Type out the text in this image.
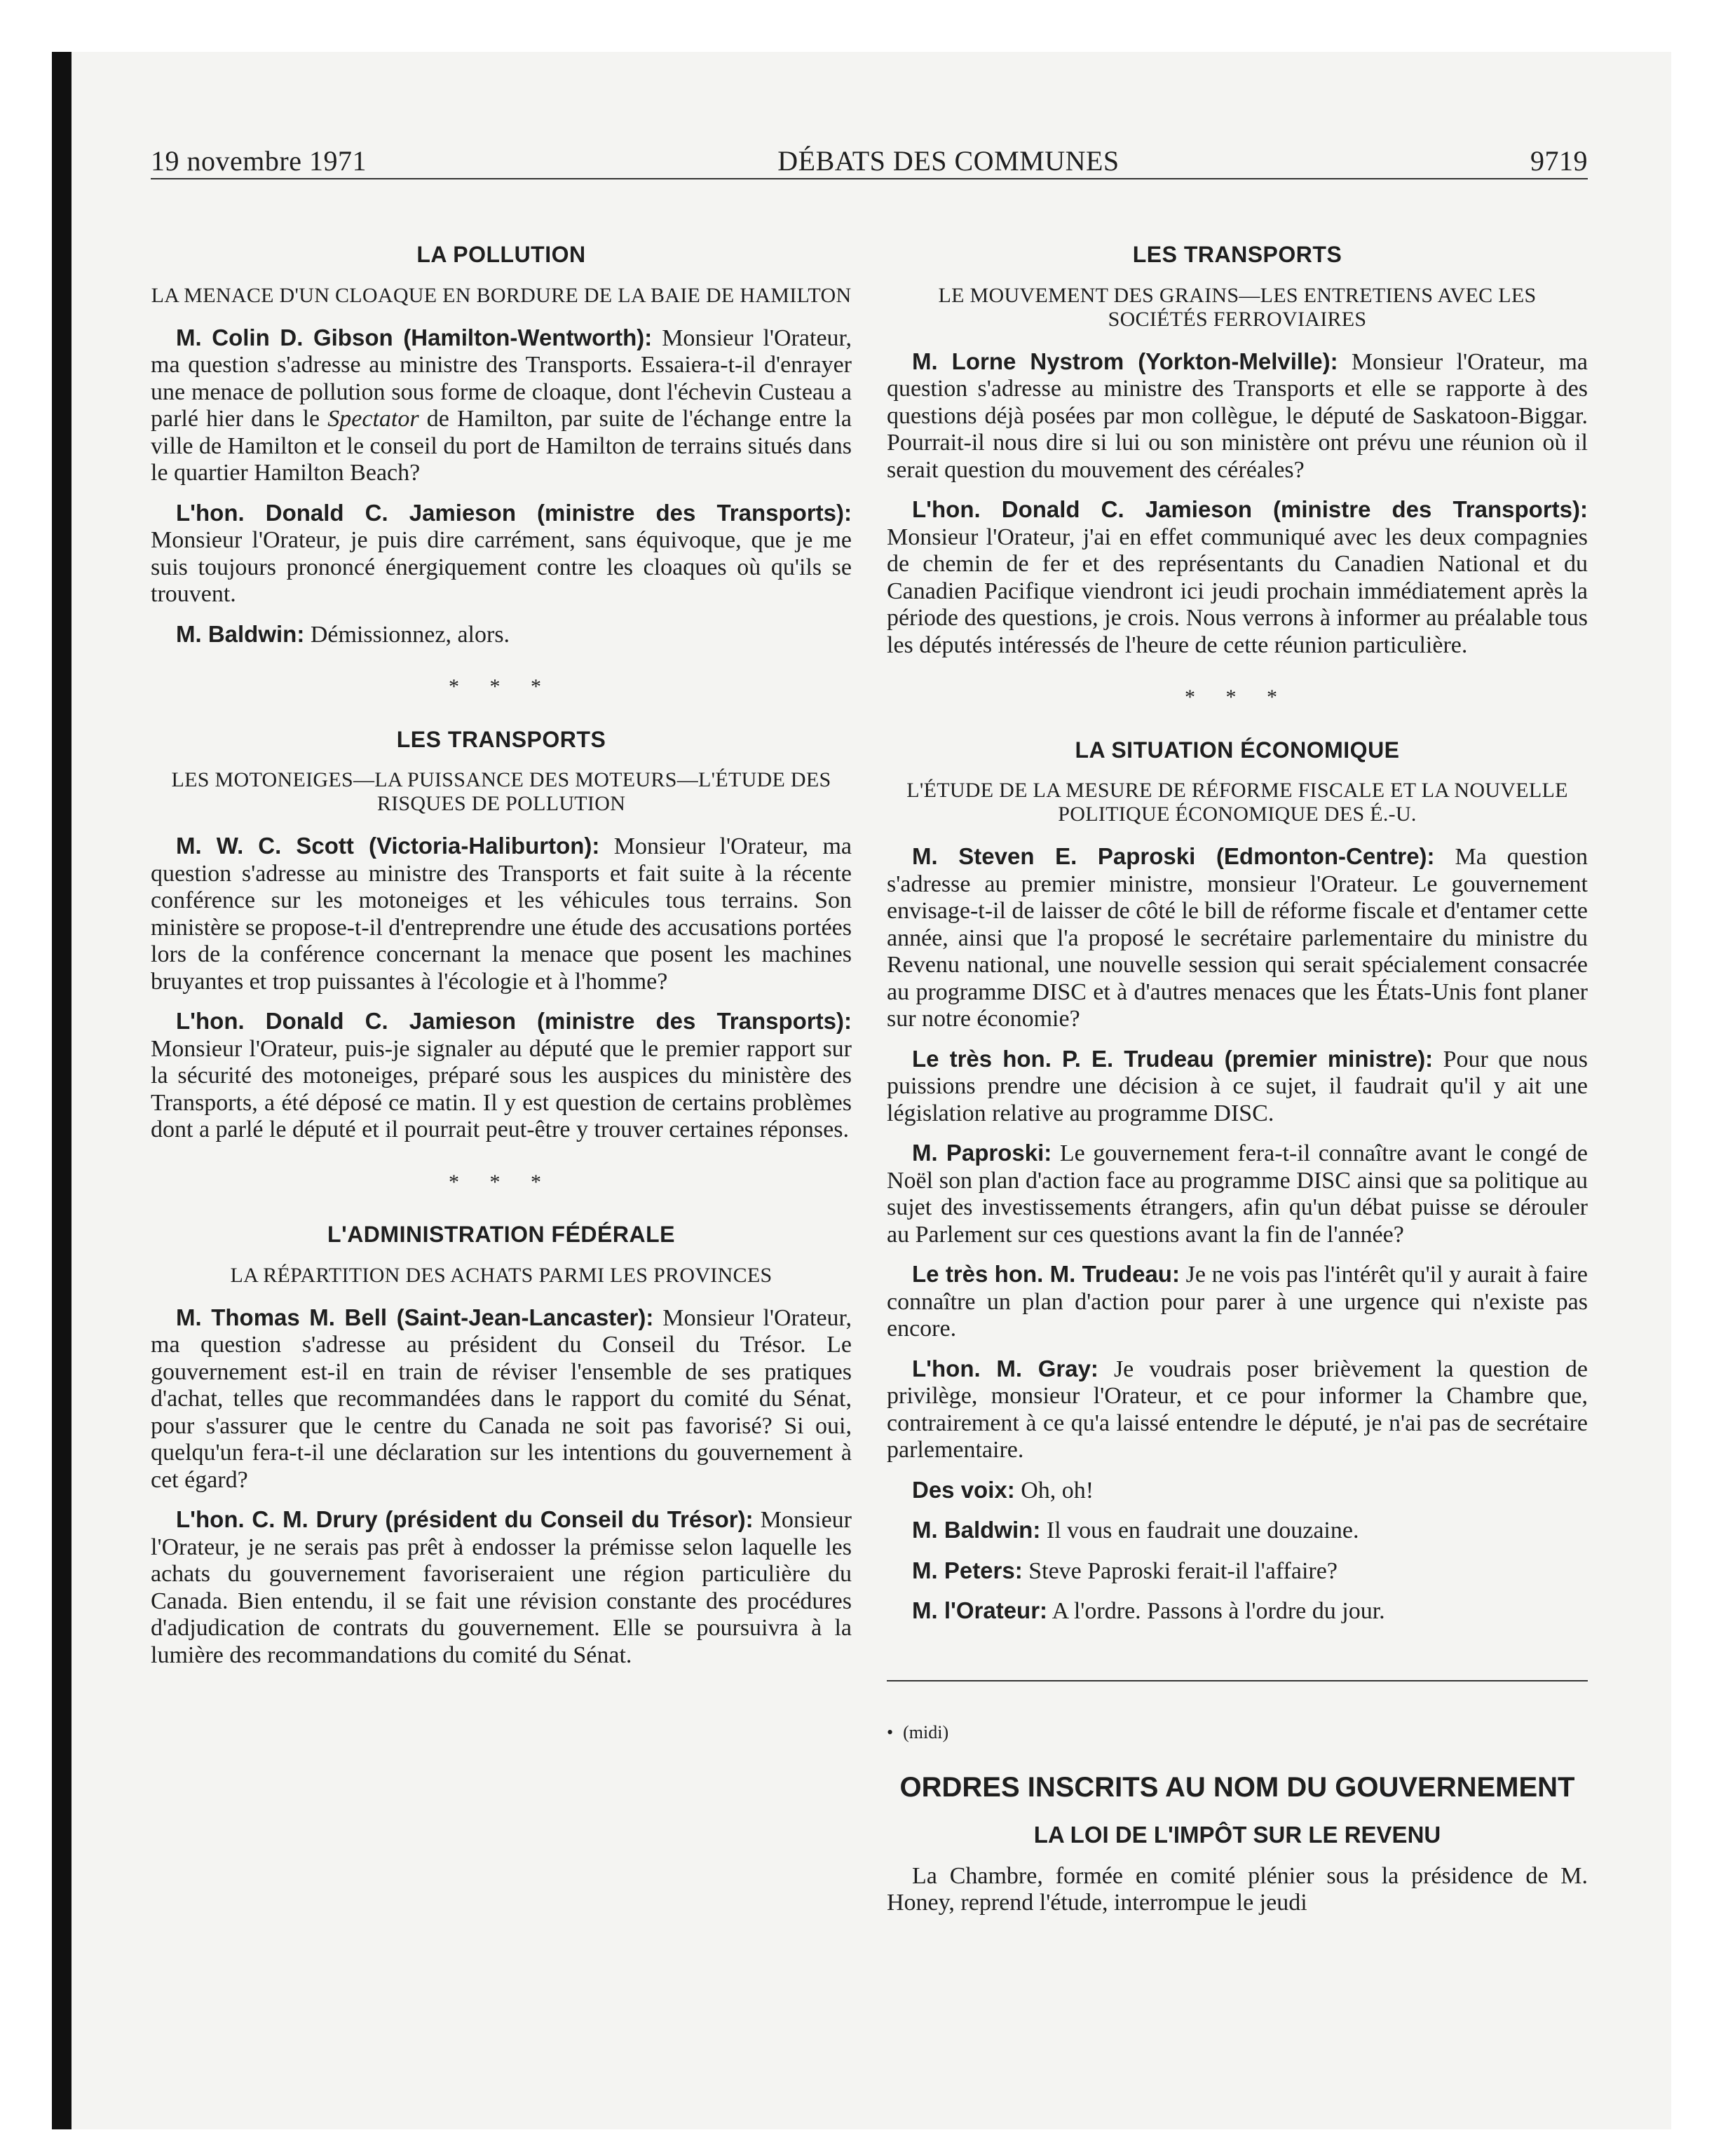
19 novembre 1971	DÉBATS DES COMMUNES	9719
LA POLLUTION
LA MENACE D'UN CLOAQUE EN BORDURE DE LA BAIE DE HAMILTON

M. Colin D. Gibson (Hamilton-Wentworth): Monsieur l'Orateur, ma question s'adresse au ministre des Transports. Essaiera-t-il d'enrayer une menace de pollution sous forme de cloaque, dont l'échevin Custeau a parlé hier dans le Spectator de Hamilton, par suite de l'échange entre la ville de Hamilton et le conseil du port de Hamilton de terrains situés dans le quartier Hamilton Beach?

L'hon. Donald C. Jamieson (ministre des Transports): Monsieur l'Orateur, je puis dire carrément, sans équivoque, que je me suis toujours prononcé énergiquement contre les cloaques où qu'ils se trouvent.

M. Baldwin: Démissionnez, alors.

* * *
LES TRANSPORTS
LES MOTONEIGES—LA PUISSANCE DES MOTEURS—L'ÉTUDE DES RISQUES DE POLLUTION

M. W. C. Scott (Victoria-Haliburton): Monsieur l'Orateur, ma question s'adresse au ministre des Transports et fait suite à la récente conférence sur les motoneiges et les véhicules tous terrains. Son ministère se propose-t-il d'entreprendre une étude des accusations portées lors de la conférence concernant la menace que posent les machines bruyantes et trop puissantes à l'écologie et à l'homme?

L'hon. Donald C. Jamieson (ministre des Transports): Monsieur l'Orateur, puis-je signaler au député que le premier rapport sur la sécurité des motoneiges, préparé sous les auspices du ministère des Transports, a été déposé ce matin. Il y est question de certains problèmes dont a parlé le député et il pourrait peut-être y trouver certaines réponses.

* * *
L'ADMINISTRATION FÉDÉRALE
LA RÉPARTITION DES ACHATS PARMI LES PROVINCES

M. Thomas M. Bell (Saint-Jean-Lancaster): Monsieur l'Orateur, ma question s'adresse au président du Conseil du Trésor. Le gouvernement est-il en train de réviser l'ensemble de ses pratiques d'achat, telles que recommandées dans le rapport du comité du Sénat, pour s'assurer que le centre du Canada ne soit pas favorisé? Si oui, quelqu'un fera-t-il une déclaration sur les intentions du gouvernement à cet égard?

L'hon. C. M. Drury (président du Conseil du Trésor): Monsieur l'Orateur, je ne serais pas prêt à endosser la prémisse selon laquelle les achats du gouvernement favoriseraient une région particulière du Canada. Bien entendu, il se fait une révision constante des procédures d'adjudication de contrats du gouvernement. Elle se poursuivra à la lumière des recommandations du comité du Sénat.

LES TRANSPORTS
LE MOUVEMENT DES GRAINS—LES ENTRETIENS AVEC LES SOCIÉTÉS FERROVIAIRES

M. Lorne Nystrom (Yorkton-Melville): Monsieur l'Orateur, ma question s'adresse au ministre des Transports et elle se rapporte à des questions déjà posées par mon collègue, le député de Saskatoon-Biggar. Pourrait-il nous dire si lui ou son ministère ont prévu une réunion où il serait question du mouvement des céréales?

L'hon. Donald C. Jamieson (ministre des Transports): Monsieur l'Orateur, j'ai en effet communiqué avec les deux compagnies de chemin de fer et des représentants du Canadien National et du Canadien Pacifique viendront ici jeudi prochain immédiatement après la période des questions, je crois. Nous verrons à informer au préalable tous les députés intéressés de l'heure de cette réunion particulière.

* * *
LA SITUATION ÉCONOMIQUE
L'ÉTUDE DE LA MESURE DE RÉFORME FISCALE ET LA NOUVELLE POLITIQUE ÉCONOMIQUE DES É.-U.

M. Steven E. Paproski (Edmonton-Centre): Ma question s'adresse au premier ministre, monsieur l'Orateur. Le gouvernement envisage-t-il de laisser de côté le bill de réforme fiscale et d'entamer cette année, ainsi que l'a proposé le secrétaire parlementaire du ministre du Revenu national, une nouvelle session qui serait spécialement consacrée au programme DISC et à d'autres menaces que les États-Unis font planer sur notre économie?

Le très hon. P. E. Trudeau (premier ministre): Pour que nous puissions prendre une décision à ce sujet, il faudrait qu'il y ait une législation relative au programme DISC.

M. Paproski: Le gouvernement fera-t-il connaître avant le congé de Noël son plan d'action face au programme DISC ainsi que sa politique au sujet des investissements étrangers, afin qu'un débat puisse se dérouler au Parlement sur ces questions avant la fin de l'année?

Le très hon. M. Trudeau: Je ne vois pas l'intérêt qu'il y aurait à faire connaître un plan d'action pour parer à une urgence qui n'existe pas encore.

L'hon. M. Gray: Je voudrais poser brièvement la question de privilège, monsieur l'Orateur, et ce pour informer la Chambre que, contrairement à ce qu'a laissé entendre le député, je n'ai pas de secrétaire parlementaire.

Des voix: Oh, oh!

M. Baldwin: Il vous en faudrait une douzaine.

M. Peters: Steve Paproski ferait-il l'affaire?

M. l'Orateur: A l'ordre. Passons à l'ordre du jour.

• (midi)
ORDRES INSCRITS AU NOM DU GOUVERNEMENT
LA LOI DE L'IMPÔT SUR LE REVENU

La Chambre, formée en comité plénier sous la présidence de M. Honey, reprend l'étude, interrompue le jeudi
